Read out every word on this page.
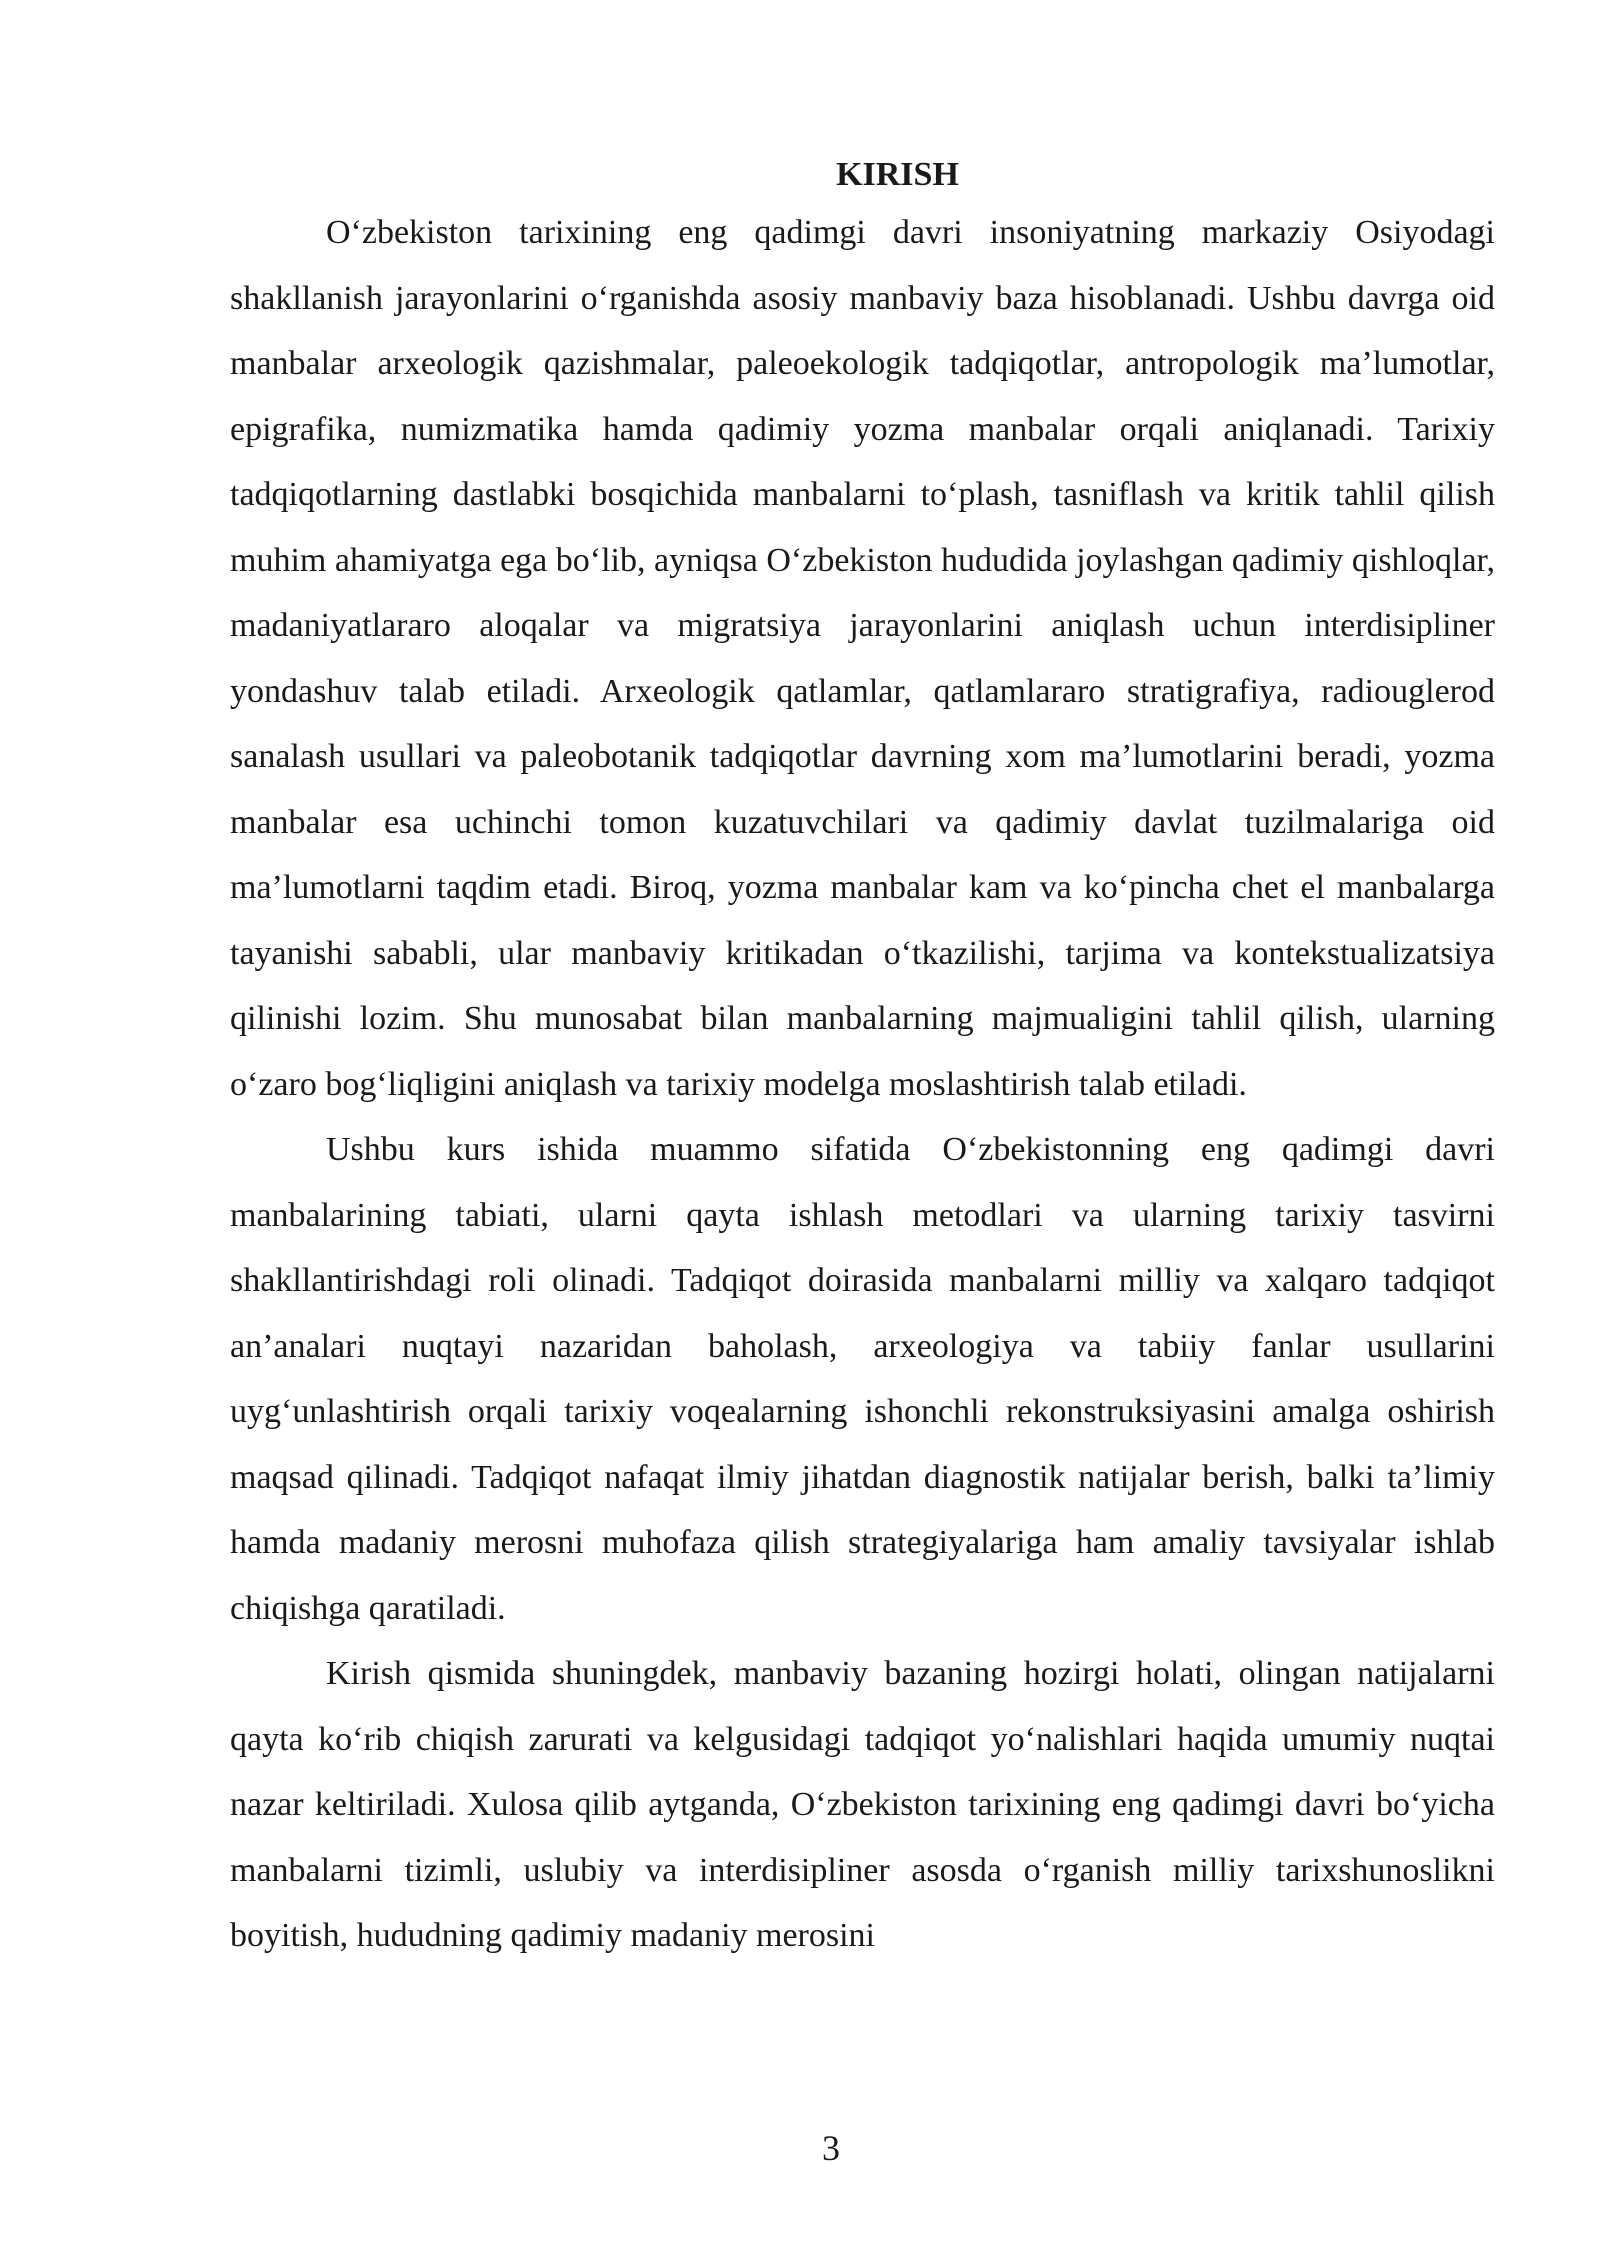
KIRISH

O‘zbekiston tarixining eng qadimgi davri insoniyatning markaziy Osiyodagi shakllanish jarayonlarini o‘rganishda asosiy manbaviy baza hisoblanadi. Ushbu davrga oid manbalar arxeologik qazishmalar, paleoekologik tadqiqotlar, antropologik ma’lumotlar, epigrafika, numizmatika hamda qadimiy yozma manbalar orqali aniqlanadi. Tarixiy tadqiqotlarning dastlabki bosqichida manbalarni to‘plash, tasniflash va kritik tahlil qilish muhim ahamiyatga ega bo‘lib, ayniqsa O‘zbekiston hududida joylashgan qadimiy qishloqlar, madaniyatlararo aloqalar va migratsiya jarayonlarini aniqlash uchun interdisipliner yondashuv talab etiladi. Arxeologik qatlamlar, qatlamlararo stratigrafiya, radiouglerod sanalash usullari va paleobotanik tadqiqotlar davrning xom ma’lumotlarini beradi, yozma manbalar esa uchinchi tomon kuzatuvchilari va qadimiy davlat tuzilmalariga oid ma’lumotlarni taqdim etadi. Biroq, yozma manbalar kam va ko‘pincha chet el manbalarga tayanishi sababli, ular manbaviy kritikadan o‘tkazilishi, tarjima va kontekstualizatsiya qilinishi lozim. Shu munosabat bilan manbalarning majmualigini tahlil qilish, ularning o‘zaro bog‘liqligini aniqlash va tarixiy modelga moslashtirish talab etiladi.

Ushbu kurs ishida muammo sifatida O‘zbekistonning eng qadimgi davri manbalarining tabiati, ularni qayta ishlash metodlari va ularning tarixiy tasvirni shakllantirishdagi roli olinadi. Tadqiqot doirasida manbalarni milliy va xalqaro tadqiqot an’analari nuqtayi nazaridan baholash, arxeologiya va tabiiy fanlar usullarini uyg‘unlashtirish orqali tarixiy voqealarning ishonchli rekonstruksiyasini amalga oshirish maqsad qilinadi. Tadqiqot nafaqat ilmiy jihatdan diagnostik natijalar berish, balki ta’limiy hamda madaniy merosni muhofaza qilish strategiyalariga ham amaliy tavsiyalar ishlab chiqishga qaratiladi.

Kirish qismida shuningdek, manbaviy bazaning hozirgi holati, olingan natijalarni qayta ko‘rib chiqish zarurati va kelgusidagi tadqiqot yo‘nalishlari haqida umumiy nuqtai nazar keltiriladi. Xulosa qilib aytganda, O‘zbekiston tarixining eng qadimgi davri bo‘yicha manbalarni tizimli, uslubiy va interdisipliner asosda o‘rganish milliy tarixshunoslikni boyitish, hududning qadimiy madaniy merosini

3
